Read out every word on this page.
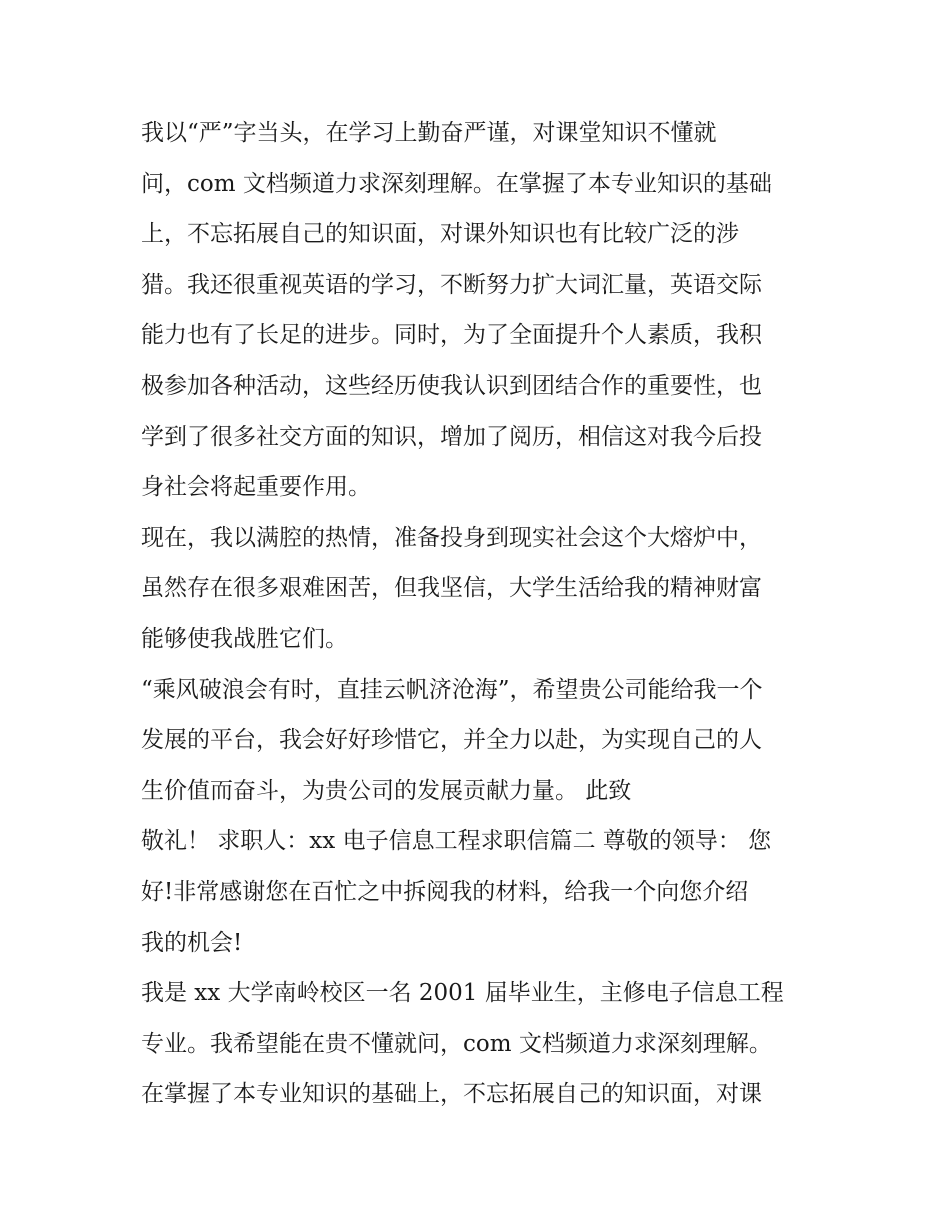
我以“严”字当头，在学习上勤奋严谨，对课堂知识不懂就
问，com 文档频道力求深刻理解。在掌握了本专业知识的基础
上，不忘拓展自己的知识面，对课外知识也有比较广泛的涉
猎。我还很重视英语的学习，不断努力扩大词汇量，英语交际
能力也有了长足的进步。同时，为了全面提升个人素质，我积
极参加各种活动，这些经历使我认识到团结合作的重要性，也
学到了很多社交方面的知识，增加了阅历，相信这对我今后投
身社会将起重要作用。
现在，我以满腔的热情，准备投身到现实社会这个大熔炉中，
虽然存在很多艰难困苦，但我坚信，大学生活给我的精神财富
能够使我战胜它们。
“乘风破浪会有时，直挂云帆济沧海”，希望贵公司能给我一个
发展的平台，我会好好珍惜它，并全力以赴，为实现自己的人
生价值而奋斗，为贵公司的发展贡献力量。 此致
敬礼！ 求职人：xx 电子信息工程求职信篇二 尊敬的领导： 您
好!非常感谢您在百忙之中拆阅我的材料，给我一个向您介绍
我的机会!
我是 xx 大学南岭校区一名 2001 届毕业生，主修电子信息工程
专业。我希望能在贵不懂就问，com 文档频道力求深刻理解。
在掌握了本专业知识的基础上，不忘拓展自己的知识面，对课
